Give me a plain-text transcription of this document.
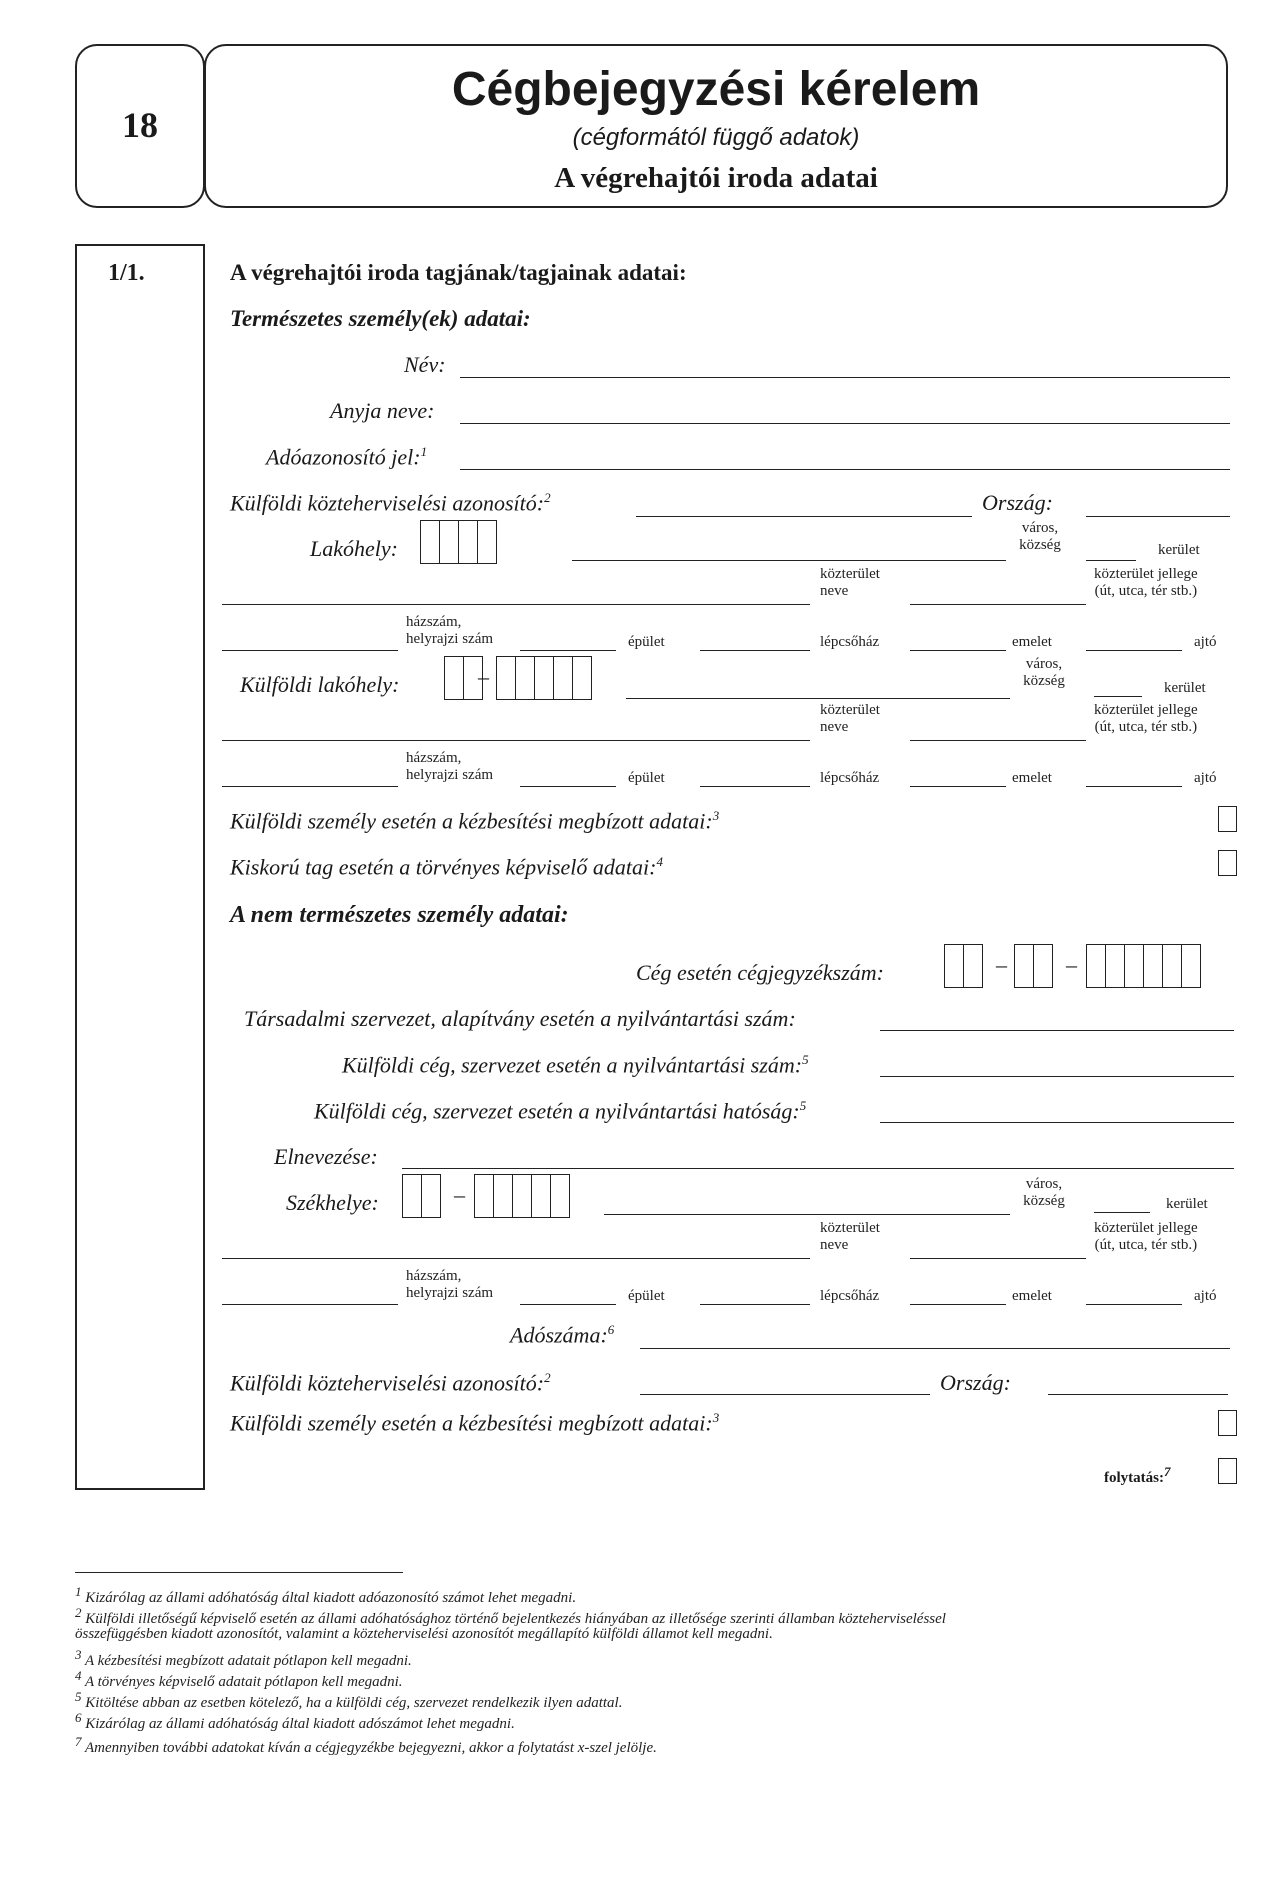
18
Cégbejegyzési kérelem
(cégformától függő adatok)
A végrehajtói iroda adatai
1/1.	A végrehajtói iroda tagjának/tagjainak adatai:
Természetes személy(ek) adatai:
Név:
Anyja neve:
Adóazonosító jel:$^1$
Külföldi közteherviselési azonosító:$^2$	Ország:
Lakóhely:
város,
község	kerület
közterület
neve
közterület jellege
(út, utca, tér stb.)
házszám,
helyrajzi szám	épület	lépcsőház	emelet	ajtó
Külföldi lakóhely:	–	város,
község	kerület
közterület
neve
közterület jellege
(út, utca, tér stb.)
házszám,
helyrajzi szám	épület	lépcsőház	emelet	ajtó
Külföldi személy esetén a kézbesítési megbízott adatai:$^3$
Kiskorú tag esetén a törvényes képviselő adatai:$^4$
A nem természetes személy adatai:
Cég esetén cégjegyzékszám:	–	–
Társadalmi szervezet, alapítvány esetén a nyilvántartási szám:
Külföldi cég, szervezet esetén a nyilvántartási szám:$^5$
Külföldi cég, szervezet esetén a nyilvántartási hatóság:$^5$
Elnevezése:
Székhelye:	–	város,
község	kerület
közterület
neve
közterület jellege
(út, utca, tér stb.)
házszám,
helyrajzi szám	épület	lépcsőház	emelet	ajtó
Adószáma:$^6$
Külföldi közteherviselési azonosító:$^2$	Ország:
Külföldi személy esetén a kézbesítési megbízott adatai:$^3$
folytatás:7
1 Kizárólag az állami adóhatóság által kiadott adóazonosító számot lehet megadni.
2 Külföldi illetőségű képviselő esetén az állami adóhatósághoz történő bejelentkezés hiányában az illetősége szerinti államban közteherviseléssel
összefüggésben kiadott azonosítót, valamint a közteherviselési azonosítót megállapító külföldi államot kell megadni.
3 A kézbesítési megbízott adatait pótlapon kell megadni.
4 A törvényes képviselő adatait pótlapon kell megadni.
5 Kitöltése abban az esetben kötelező, ha a külföldi cég, szervezet rendelkezik ilyen adattal.
6 Kizárólag az állami adóhatóság által kiadott adószámot lehet megadni.
7 Amennyiben további adatokat kíván a cégjegyzékbe bejegyezni, akkor a folytatást x-szel jelölje.
